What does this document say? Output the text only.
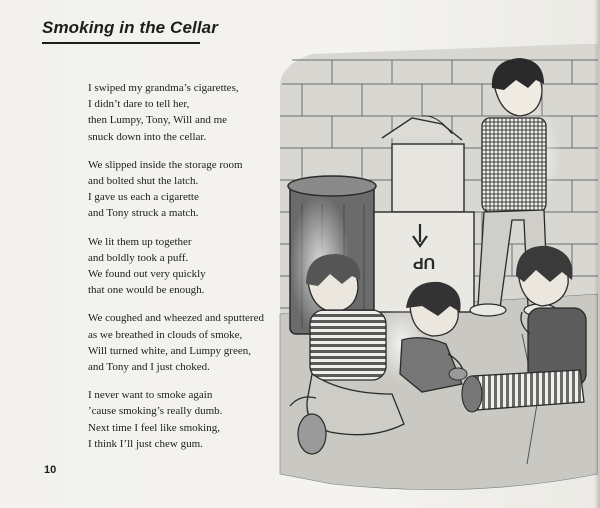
Smoking in the Cellar
I swiped my grandma’s cigarettes,
I didn’t dare to tell her,
then Lumpy, Tony, Will and me
snuck down into the cellar.
We slipped inside the storage room
and bolted shut the latch.
I gave us each a cigarette
and Tony struck a match.
We lit them up together
and boldly took a puff.
We found out very quickly
that one would be enough.
We coughed and wheezed and sputtered
as we breathed in clouds of smoke,
Will turned white, and Lumpy green,
and Tony and I just choked.
I never want to smoke again
’cause smoking’s really dumb.
Next time I feel like smoking,
I think I’ll just chew gum.
10
UP
